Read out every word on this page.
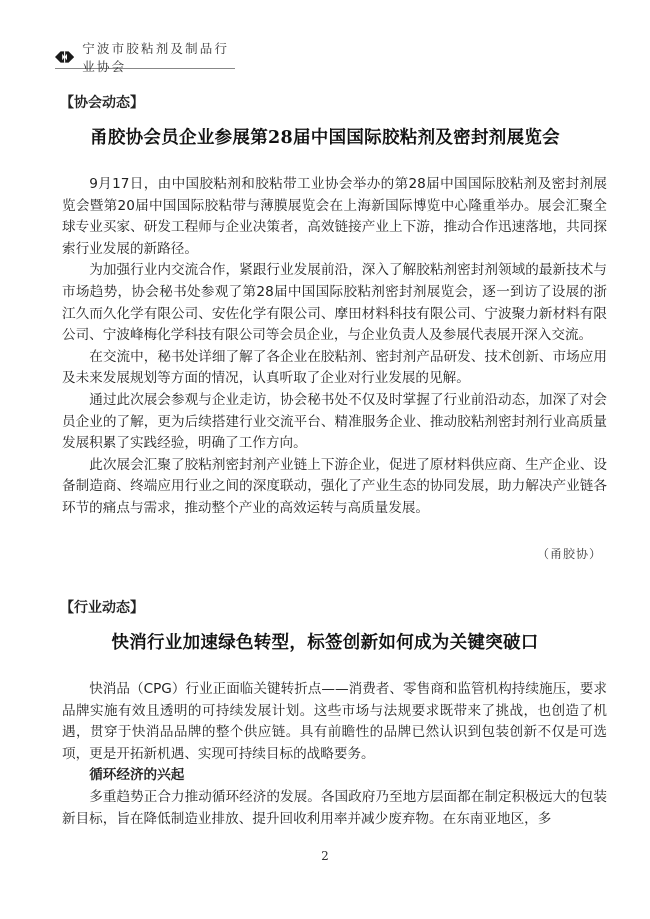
宁波市胶粘剂及制品行业协会
【协会动态】
甬胶协会员企业参展第28届中国国际胶粘剂及密封剂展览会

9月17日，由中国胶粘剂和胶粘带工业协会举办的第28届中国国际胶粘剂及密封剂展览会暨第20届中国国际胶粘带与薄膜展览会在上海新国际博览中心隆重举办。展会汇聚全球专业买家、研发工程师与企业决策者，高效链接产业上下游，推动合作迅速落地，共同探索行业发展的新路径。

为加强行业内交流合作，紧跟行业发展前沿，深入了解胶粘剂密封剂领域的最新技术与市场趋势，协会秘书处参观了第28届中国国际胶粘剂密封剂展览会，逐一到访了设展的浙江久而久化学有限公司、安佐化学有限公司、摩田材料科技有限公司、宁波聚力新材料有限公司、宁波峰梅化学科技有限公司等会员企业，与企业负责人及参展代表展开深入交流。

在交流中，秘书处详细了解了各企业在胶粘剂、密封剂产品研发、技术创新、市场应用及未来发展规划等方面的情况，认真听取了企业对行业发展的见解。

通过此次展会参观与企业走访，协会秘书处不仅及时掌握了行业前沿动态，加深了对会员企业的了解，更为后续搭建行业交流平台、精准服务企业、推动胶粘剂密封剂行业高质量发展积累了实践经验，明确了工作方向。

此次展会汇聚了胶粘剂密封剂产业链上下游企业，促进了原材料供应商、生产企业、设备制造商、终端应用行业之间的深度联动，强化了产业生态的协同发展，助力解决产业链各环节的痛点与需求，推动整个产业的高效运转与高质量发展。

（甬胶协）
【行业动态】
快消行业加速绿色转型，标签创新如何成为关键突破口

快消品（CPG）行业正面临关键转折点——消费者、零售商和监管机构持续施压，要求品牌实施有效且透明的可持续发展计划。这些市场与法规要求既带来了挑战，也创造了机遇，贯穿于快消品品牌的整个供应链。具有前瞻性的品牌已然认识到包装创新不仅是可选项，更是开拓新机遇、实现可持续目标的战略要务。

循环经济的兴起

多重趋势正合力推动循环经济的发展。各国政府乃至地方层面都在制定积极远大的包装新目标，旨在降低制造业排放、提升回收利用率并减少废弃物。在东南亚地区，多

2
